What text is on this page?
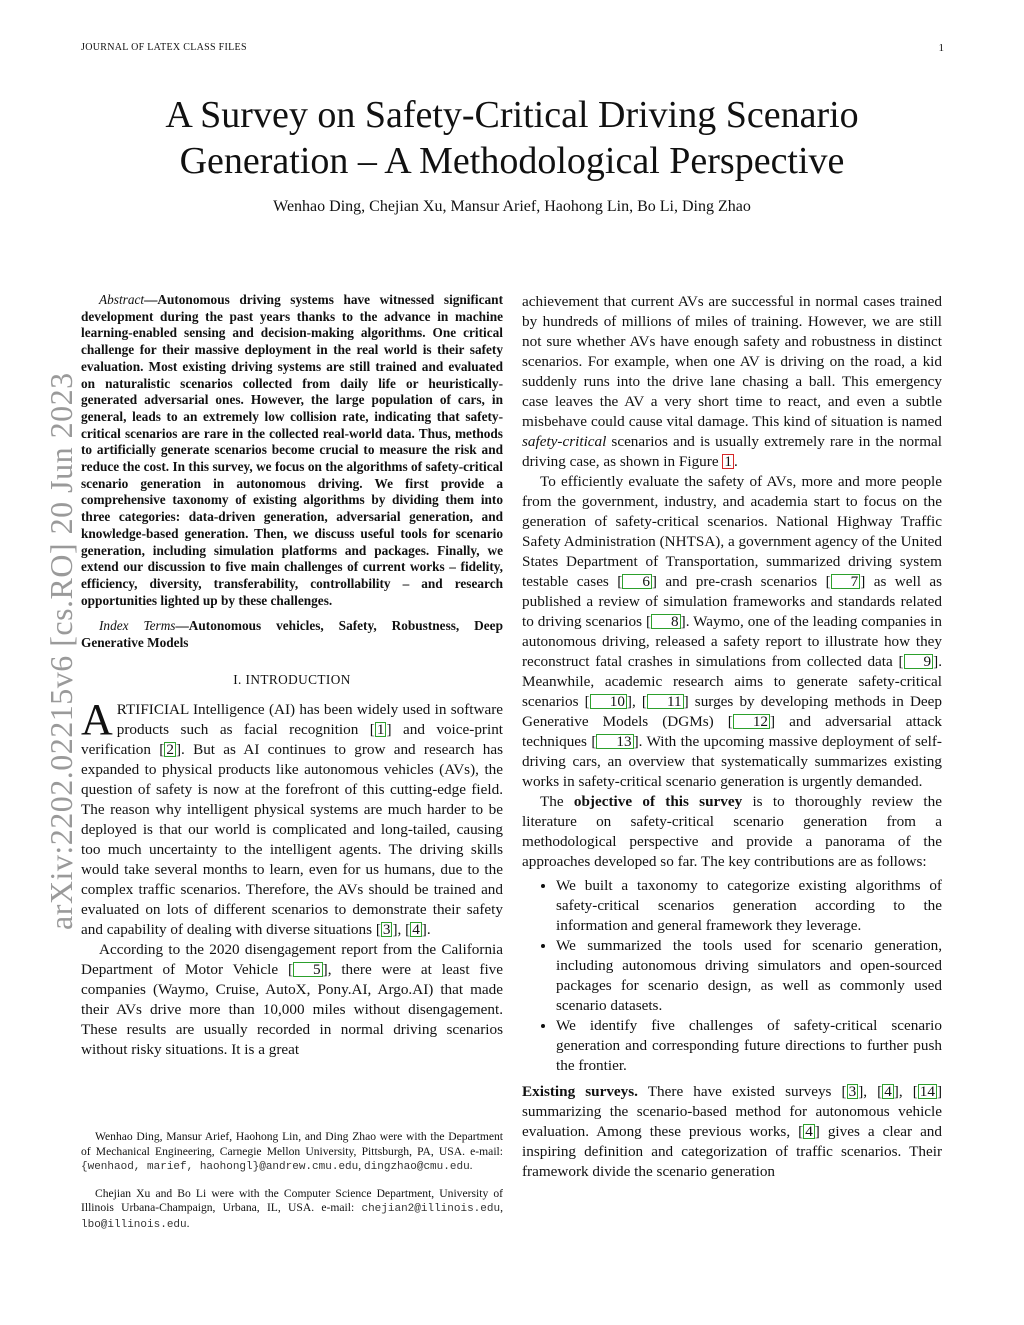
JOURNAL OF LATEX CLASS FILES	1
arXiv:2202.02215v6 [cs.RO] 20 Jun 2023
A Survey on Safety-Critical Driving Scenario
Generation – A Methodological Perspective
Wenhao Ding, Chejian Xu, Mansur Arief, Haohong Lin, Bo Li, Ding Zhao

Abstract—Autonomous driving systems have witnessed significant development during the past years thanks to the advance in machine learning-enabled sensing and decision-making algorithms. One critical challenge for their massive deployment in the real world is their safety evaluation. Most existing driving systems are still trained and evaluated on naturalistic scenarios collected from daily life or heuristically-generated adversarial ones. However, the large population of cars, in general, leads to an extremely low collision rate, indicating that safety-critical scenarios are rare in the collected real-world data. Thus, methods to artificially generate scenarios become crucial to measure the risk and reduce the cost. In this survey, we focus on the algorithms of safety-critical scenario generation in autonomous driving. We first provide a comprehensive taxonomy of existing algorithms by dividing them into three categories: data-driven generation, adversarial generation, and knowledge-based generation. Then, we discuss useful tools for scenario generation, including simulation platforms and packages. Finally, we extend our discussion to five main challenges of current works – fidelity, efficiency, diversity, transferability, controllability – and research opportunities lighted up by these challenges.

Index Terms—Autonomous vehicles, Safety, Robustness, Deep Generative Models

I. INTRODUCTION

ARTIFICIAL Intelligence (AI) has been widely used in software products such as facial recognition [ 1 ] and voice-print verification [ 2 ]. But as AI continues to grow and research has expanded to physical products like autonomous vehicles (AVs), the question of safety is now at the forefront of this cutting-edge field. The reason why intelligent physical systems are much harder to be deployed is that our world is complicated and long-tailed, causing too much uncertainty to the intelligent agents. The driving skills would take several months to learn, even for us humans, due to the complex traffic scenarios. Therefore, the AVs should be trained and evaluated on lots of different scenarios to demonstrate their safety and capability of dealing with diverse situations [ 3 ], [ 4 ].

According to the 2020 disengagement report from the California Department of Motor Vehicle [ 5 ], there were at least five companies (Waymo, Cruise, AutoX, Pony.AI, Argo.AI) that made their AVs drive more than 10,000 miles without disengagement. These results are usually recorded in normal driving scenarios without risky situations. It is a great

Wenhao Ding, Mansur Arief, Haohong Lin, and Ding Zhao were with the Department of Mechanical Engineering, Carnegie Mellon University, Pittsburgh, PA, USA. e-mail: {wenhaod, marief, haohongl}@andrew.cmu.edu, dingzhao@cmu.edu.

Chejian Xu and Bo Li were with the Computer Science Department, University of Illinois Urbana-Champaign, Urbana, IL, USA. e-mail: chejian2@illinois.edu, lbo@illinois.edu.

achievement that current AVs are successful in normal cases trained by hundreds of millions of miles of training. However, we are still not sure whether AVs have enough safety and robustness in distinct scenarios. For example, when one AV is driving on the road, a kid suddenly runs into the drive lane chasing a ball. This emergency case leaves the AV a very short time to react, and even a subtle misbehave could cause vital damage. This kind of situation is named safety-critical scenarios and is usually extremely rare in the normal driving case, as shown in Figure 1 .

To efficiently evaluate the safety of AVs, more and more people from the government, industry, and academia start to focus on the generation of safety-critical scenarios. National Highway Traffic Safety Administration (NHTSA), a government agency of the United States Department of Transportation, summarized driving system testable cases [ 6 ] and pre-crash scenarios [ 7 ] as well as published a review of simulation frameworks and standards related to driving scenarios [ 8 ]. Waymo, one of the leading companies in autonomous driving, released a safety report to illustrate how they reconstruct fatal crashes in simulations from collected data [ 9 ]. Meanwhile, academic research aims to generate safety-critical scenarios [ 10 ], [ 11 ] surges by developing methods in Deep Generative Models (DGMs) [ 12 ] and adversarial attack techniques [ 13 ]. With the upcoming massive deployment of self-driving cars, an overview that systematically summarizes existing works in safety-critical scenario generation is urgently demanded.

The objective of this survey is to thoroughly review the literature on safety-critical scenario generation from a methodological perspective and provide a panorama of the approaches developed so far. The key contributions are as follows:

• We built a taxonomy to categorize existing algorithms of safety-critical scenarios generation according to the information and general framework they leverage.
• We summarized the tools used for scenario generation, including autonomous driving simulators and open-sourced packages for scenario design, as well as commonly used scenario datasets.
• We identify five challenges of safety-critical scenario generation and corresponding future directions to further push the frontier.

Existing surveys. There have existed surveys [ 3 ], [ 4 ], [ 14 ] summarizing the scenario-based method for autonomous vehicle evaluation. Among these previous works, [ 4 ] gives a clear and inspiring definition and categorization of traffic scenarios. Their framework divide the scenario generation
